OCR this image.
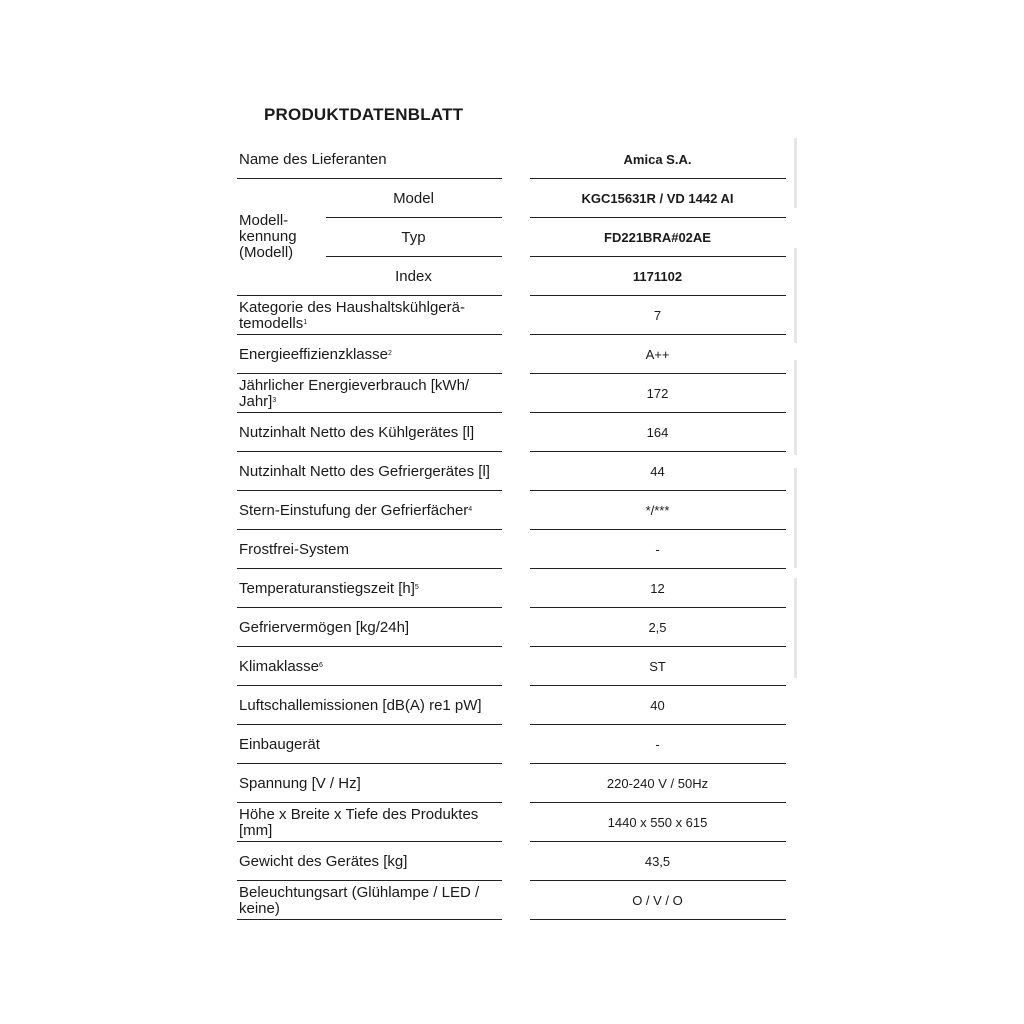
PRODUKTDATENBLATT
Name des Lieferanten	Amica S.A.
Modell-kennung (Modell)
Model	KGC15631R / VD 1442 AI
Typ	FD221BRA#02AE
Index	1171102
Kategorie des Haushaltskühlgerä-temodells$^1$	7
Energieeffizienzklasse$^2$	A++
Jährlicher Energieverbrauch [kWh/ Jahr]$^3$	172
Nutzinhalt Netto des Kühlgerätes [l]	164
Nutzinhalt Netto des Gefriergerätes [l]	44
Stern-Einstufung der Gefrierfächer$^4$	*/***
Frostfrei-System	-
Temperaturanstiegszeit $[h]^5$	12
Gefriervermögen [kg/24h]	2,5
Klimaklasse$^6$	ST
Luftschallemissionen [dB(A) re1 pW]	40
Einbaugerät	-
Spannung [V / Hz]	220-240 V / 50Hz
Höhe x Breite x Tiefe des Produktes [mm]	1440 x 550 x 615
Gewicht des Gerätes [kg]	43,5
Beleuchtungsart (Glühlampe / LED / keine)	O / V / O
